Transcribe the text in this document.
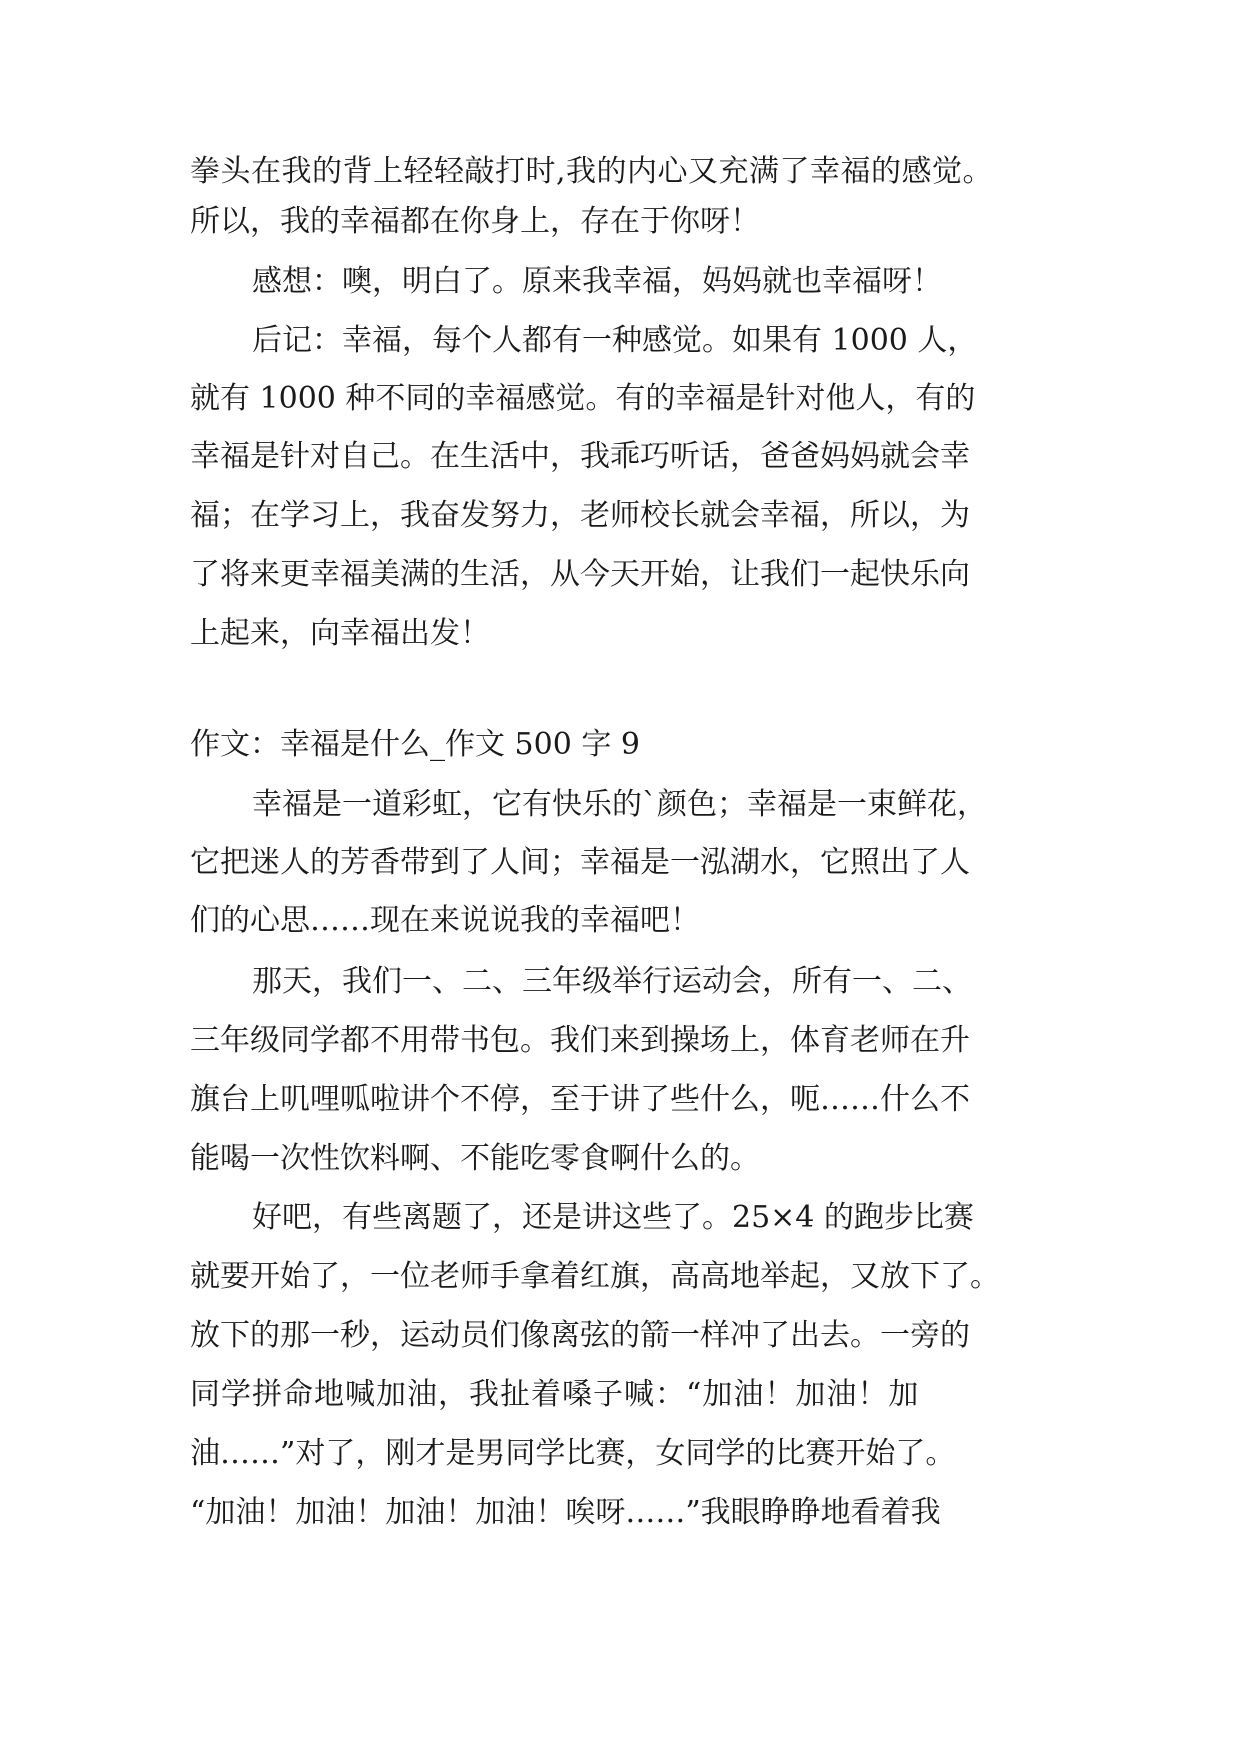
拳头在我的背上轻轻敲打时,我的内心又充满了幸福的感觉。
所以，我的幸福都在你身上，存在于你呀！
感想：噢，明白了。原来我幸福，妈妈就也幸福呀！
后记：幸福，每个人都有一种感觉。如果有 1000 人，
就有 1000 种不同的幸福感觉。有的幸福是针对他人，有的
幸福是针对自己。在生活中，我乖巧听话，爸爸妈妈就会幸
福；在学习上，我奋发努力，老师校长就会幸福，所以，为
了将来更幸福美满的生活，从今天开始，让我们一起快乐向
上起来，向幸福出发！
作文：幸福是什么_作文 500 字 9
幸福是一道彩虹，它有快乐的`颜色；幸福是一束鲜花，
它把迷人的芳香带到了人间；幸福是一泓湖水，它照出了人
们的心思……现在来说说我的幸福吧！
那天，我们一、二、三年级举行运动会，所有一、二、
三年级同学都不用带书包。我们来到操场上，体育老师在升
旗台上叽哩呱啦讲个不停，至于讲了些什么，呃……什么不
能喝一次性饮料啊、不能吃零食啊什么的。
好吧，有些离题了，还是讲这些了。25×4 的跑步比赛
就要开始了，一位老师手拿着红旗，高高地举起，又放下了。
放下的那一秒，运动员们像离弦的箭一样冲了出去。一旁的
同学拼命地喊加油，我扯着嗓子喊：“加油！加油！加
油……”对了，刚才是男同学比赛，女同学的比赛开始了。
“加油！加油！加油！加油！唉呀……”我眼睁睁地看着我
